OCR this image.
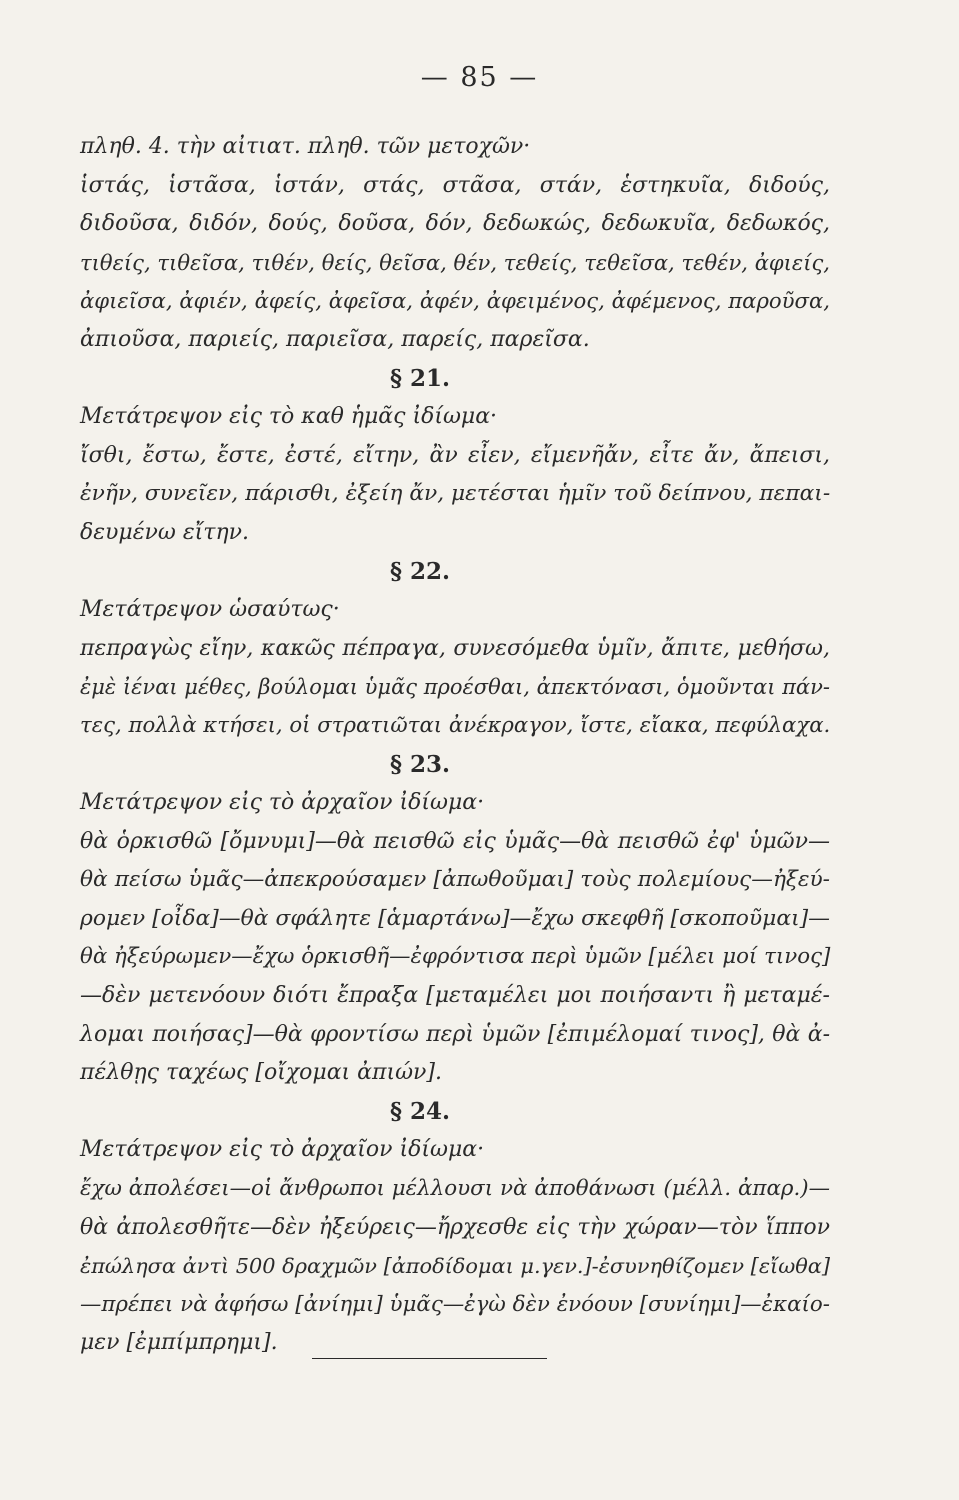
— 85 —
πληθ. 4. τὴν αἰτιατ. πληθ. τῶν μετοχῶν·
ἱστάς, ἱστᾶσα, ἱστάν, στάς, στᾶσα, στάν, ἑστηκυῖα, διδούς,
διδοῦσα, διδόν, δούς, δοῦσα, δόν, δεδωκώς, δεδωκυῖα, δεδωκός,
τιθείς, τιθεῖσα, τιθέν, θείς, θεῖσα, θέν, τεθείς, τεθεῖσα, τεθέν, ἀφιείς,
ἀφιεῖσα, ἀφιέν, ἀφείς, ἀφεῖσα, ἀφέν, ἀφειμένος, ἀφέμενος, παροῦσα,
ἀπιοῦσα, παριείς, παριεῖσα, παρείς, παρεῖσα.
§ 21.
Μετάτρεψον εἰς τὸ καθ ἡμᾶς ἰδίωμα·
ἴσθι, ἔστω, ἔστε, ἐστέ, εἴτην, ἂν εἶεν, εἴμενῆἄν, εἶτε ἄν, ἄπεισι,
ἐνῆν, συνεῖεν, πάρισθι, ἐξείη ἄν, μετέσται ἡμῖν τοῦ δείπνου, πεπαι-
δευμένω εἴτην.
§ 22.
Μετάτρεψον ὡσαύτως·
πεπραγὼς εἴην, κακῶς πέπραγα, συνεσόμεθα ὑμῖν, ἄπιτε, μεθήσω,
ἐμὲ ἰέναι μέθες, βούλομαι ὑμᾶς προέσθαι, ἀπεκτόνασι, ὁμοῦνται πάν-
τες, πολλὰ κτήσει, οἱ στρατιῶται ἀνέκραγον, ἴστε, εἴακα, πεφύλαχα.
§ 23.
Μετάτρεψον εἰς τὸ ἀρχαῖον ἰδίωμα·
θὰ ὁρκισθῶ [ὄμνυμι]—θὰ πεισθῶ εἰς ὑμᾶς—θὰ πεισθῶ ἐφ' ὑμῶν—
θὰ πείσω ὑμᾶς—ἀπεκρούσαμεν [ἀπωθοῦμαι] τοὺς πολεμίους—ἠξεύ-
ρομεν [οἶδα]—θὰ σφάλητε [ἁμαρτάνω]—ἔχω σκεφθῆ [σκοποῦμαι]—
θὰ ἠξεύρωμεν—ἔχω ὁρκισθῆ—ἐφρόντισα περὶ ὑμῶν [μέλει μοί τινος]
—δὲν μετενόουν διότι ἔπραξα [μεταμέλει μοι ποιήσαντι ἢ μεταμέ-
λομαι ποιήσας]—θὰ φροντίσω περὶ ὑμῶν [ἐπιμέλομαί τινος], θὰ ἀ-
πέλθῃς ταχέως [οἴχομαι ἀπιών].
§ 24.
Μετάτρεψον εἰς τὸ ἀρχαῖον ἰδίωμα·
ἔχω ἀπολέσει—οἱ ἄνθρωποι μέλλουσι νὰ ἀποθάνωσι (μέλλ. ἀπαρ.)—
θὰ ἀπολεσθῆτε—δὲν ἠξεύρεις—ἤρχεσθε εἰς τὴν χώραν—τὸν ἵππον
ἐπώλησα ἀντὶ 500 δραχμῶν [ἀποδίδομαι μ.γεν.]-ἐσυνηθίζομεν [εἴωθα]
—πρέπει νὰ ἀφήσω [ἀνίημι] ὑμᾶς—ἐγὼ δὲν ἐνόουν [συνίημι]—ἐκαίο-
μεν [ἐμπίμπρημι].
